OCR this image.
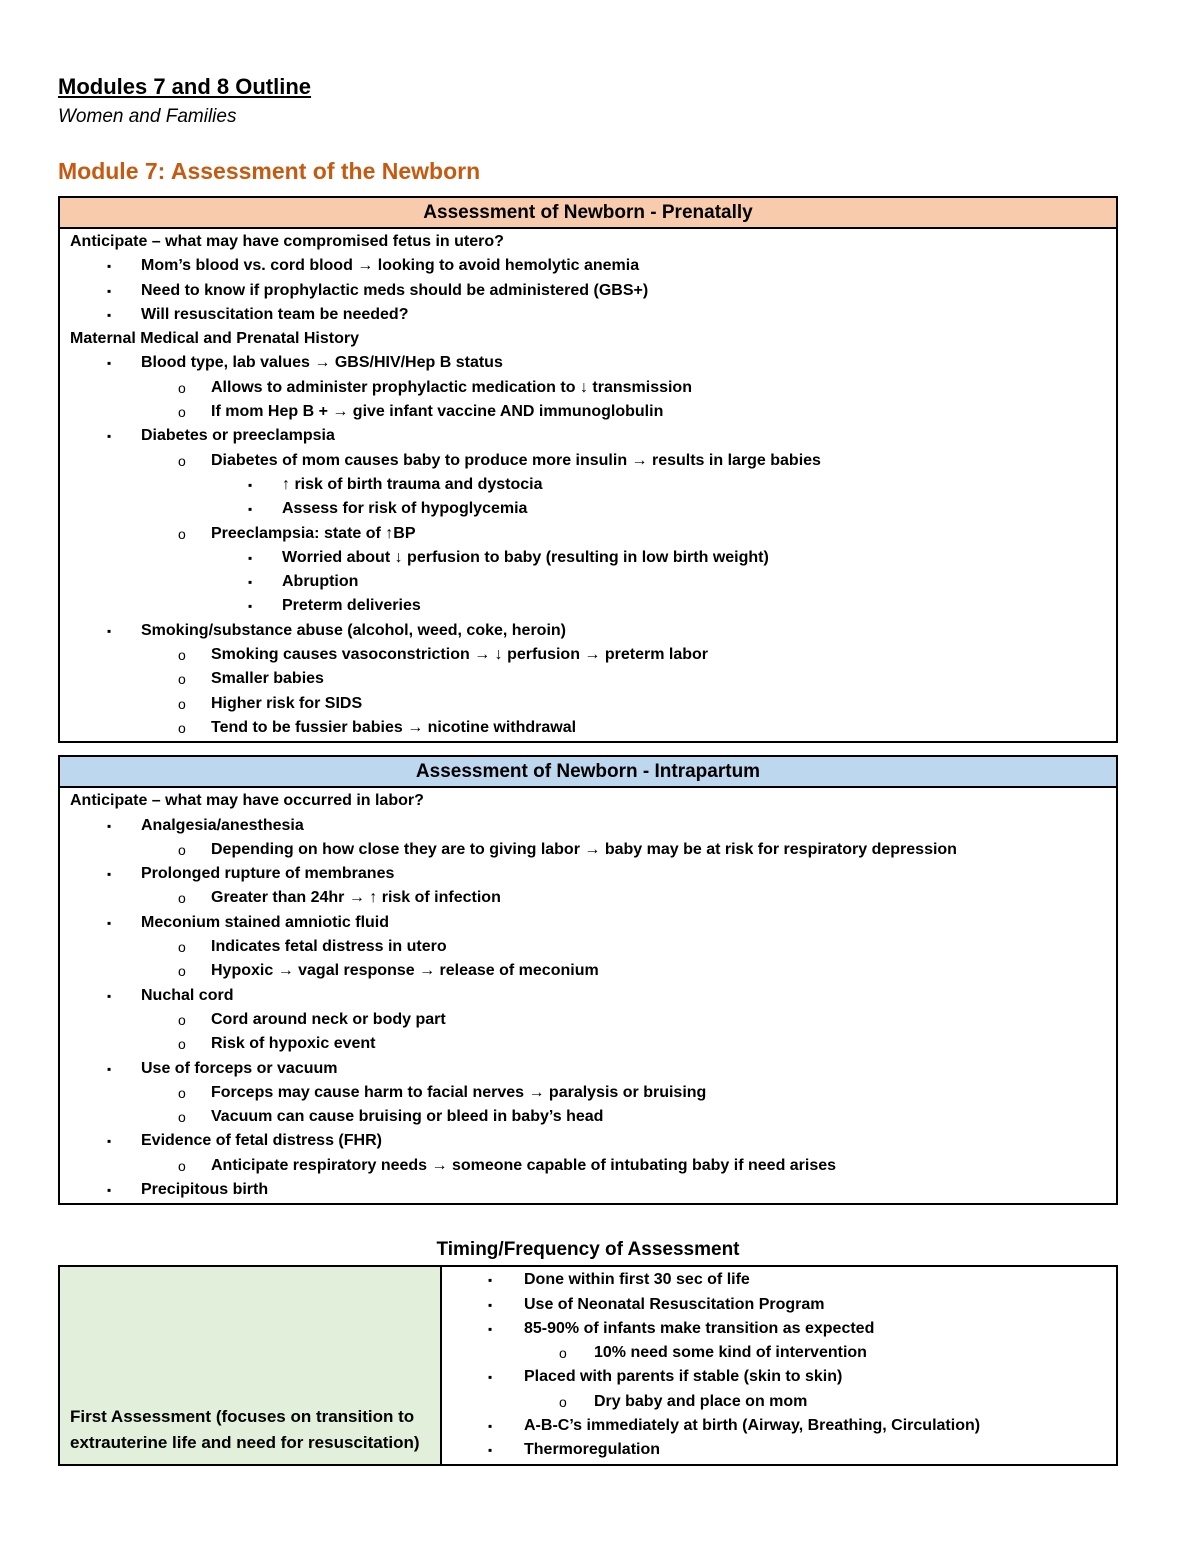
Modules 7 and 8 Outline
Women and Families
Module 7: Assessment of the Newborn
Assessment of Newborn - Prenatally
Anticipate – what may have compromised fetus in utero?
▪ Mom’s blood vs. cord blood → looking to avoid hemolytic anemia
▪ Need to know if prophylactic meds should be administered (GBS+)
▪ Will resuscitation team be needed?
Maternal Medical and Prenatal History
▪ Blood type, lab values → GBS/HIV/Hep B status
o Allows to administer prophylactic medication to ↓ transmission
o If mom Hep B + → give infant vaccine AND immunoglobulin
▪ Diabetes or preeclampsia
o Diabetes of mom causes baby to produce more insulin → results in large babies
▪ ↑ risk of birth trauma and dystocia
▪ Assess for risk of hypoglycemia
o Preeclampsia: state of ↑BP
▪ Worried about ↓ perfusion to baby (resulting in low birth weight)
▪ Abruption
▪ Preterm deliveries
▪ Smoking/substance abuse (alcohol, weed, coke, heroin)
o Smoking causes vasoconstriction → ↓ perfusion → preterm labor
o Smaller babies
o Higher risk for SIDS
o Tend to be fussier babies → nicotine withdrawal
Assessment of Newborn - Intrapartum
Anticipate – what may have occurred in labor?
▪ Analgesia/anesthesia
o Depending on how close they are to giving labor → baby may be at risk for respiratory depression
▪ Prolonged rupture of membranes
o Greater than 24hr → ↑ risk of infection
▪ Meconium stained amniotic fluid
o Indicates fetal distress in utero
o Hypoxic → vagal response → release of meconium
▪ Nuchal cord
o Cord around neck or body part
o Risk of hypoxic event
▪ Use of forceps or vacuum
o Forceps may cause harm to facial nerves → paralysis or bruising
o Vacuum can cause bruising or bleed in baby’s head
▪ Evidence of fetal distress (FHR)
o Anticipate respiratory needs → someone capable of intubating baby if need arises
▪ Precipitous birth
Timing/Frequency of Assessment
First Assessment (focuses on transition to extrauterine life and need for resuscitation)
▪ Done within first 30 sec of life
▪ Use of Neonatal Resuscitation Program
▪ 85-90% of infants make transition as expected
o 10% need some kind of intervention
▪ Placed with parents if stable (skin to skin)
o Dry baby and place on mom
▪ A-B-C’s immediately at birth (Airway, Breathing, Circulation)
▪ Thermoregulation
